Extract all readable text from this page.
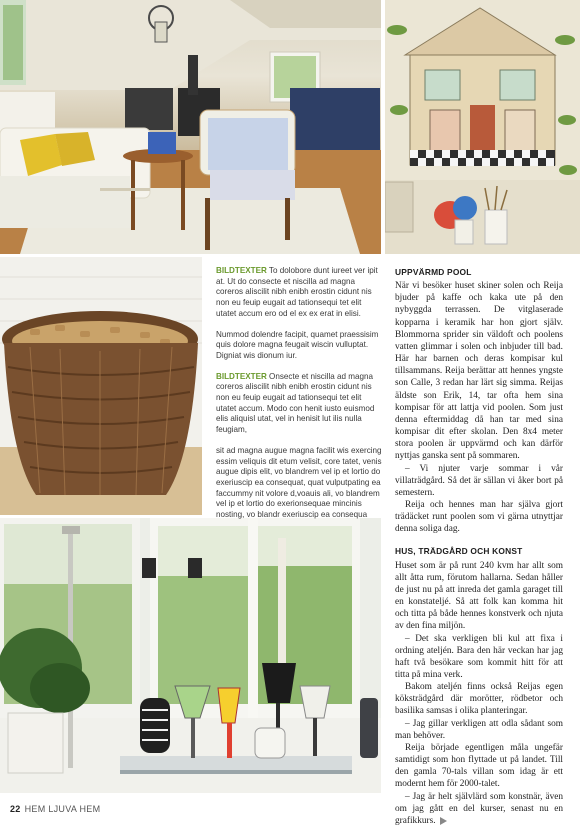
BILDTEXTER To dolobore dunt iureet ver ipit at. Ut do consecte et niscilla ad magna coreros aliscilit nibh enibh erostin cidunt nis non eu feuip eugait ad tationsequi tet elit utatet accum ero od el ex ex erat in elisi.

Nummod dolendre facipit, quamet praessisim quis dolore magna feugait wiscin vulluptat. Digniat wis dionum iur.

BILDTEXTER Onsecte et niscilla ad magna coreros aliscilit nibh enibh erostin cidunt nis non eu feuip eugait ad tationsequi tet elit utatet accum. Modo con henit iusto euismod elis aliquisl utat, vel in henisit lut ilis nulla feugiam,

sit ad magna augue magna facilit wis exercing essim veliquis dit etum velisit, core tatet, venis augue dipis elit, vo blandrem vel ip et lortio do exeriuscip ea consequat, quat vulputpating ea faccummy nit volore d,voauis ali, vo blandrem vel ip et lortio do exerionsequae mincinis nosting, vo blandr exeriuscip ea consequa

UPPVÄRMD POOL

När vi besöker huset skiner solen och Reija bjuder på kaffe och kaka ute på den nybyggda terrassen. De vitglaserade kopparna i keramik har hon gjort själv. Blommorna sprider sin väldoft och poolens vatten glimmar i solen och inbjuder till bad. Här har barnen och deras kompisar kul tillsammans. Reija berättar att hennes yngste son Calle, 3 redan har lärt sig simma. Reijas äldste son Erik, 14, tar ofta hem sina kompisar för att lattja vid poolen. Som just denna eftermiddag då han tar med sina kompisar dit efter skolan. Den 8x4 meter stora poolen är uppvärmd och kan därför nyttjas ganska sent på sommaren.

– Vi njuter varje sommar i vår villaträdgård. Så det är sällan vi åker bort på semestern.

Reija och hennes man har själva gjort trädäcket runt poolen som vi gärna utnyttjar denna soliga dag.

HUS, TRÄDGÅRD OCH KONST

Huset som är på runt 240 kvm har allt som allt åtta rum, förutom hallarna. Sedan håller de just nu på att inreda det gamla garaget till en konstateljé. Så att folk kan komma hit och titta på både hennes konstverk och njuta av den fina miljön.

– Det ska verkligen bli kul att fixa i ordning ateljén. Bara den här veckan har jag haft två besökare som kommit hitt för att titta på mina verk.

Bakom ateljén finns också Reijas egen köksträdgård där morötter, rödbetor och basilika samsas i olika planteringar.

– Jag gillar verkligen att odla sådant som man behöver.

Reija började egentligen måla ungefär samtidigt som hon flyttade ut på landet. Till den gamla 70-tals villan som idag är ett modernt hem för 2000-talet.

– Jag är helt självlärd som konstnär, även om jag gått en del kurser, senast nu en grafikkurs.

22 HEM LJUVA HEM
